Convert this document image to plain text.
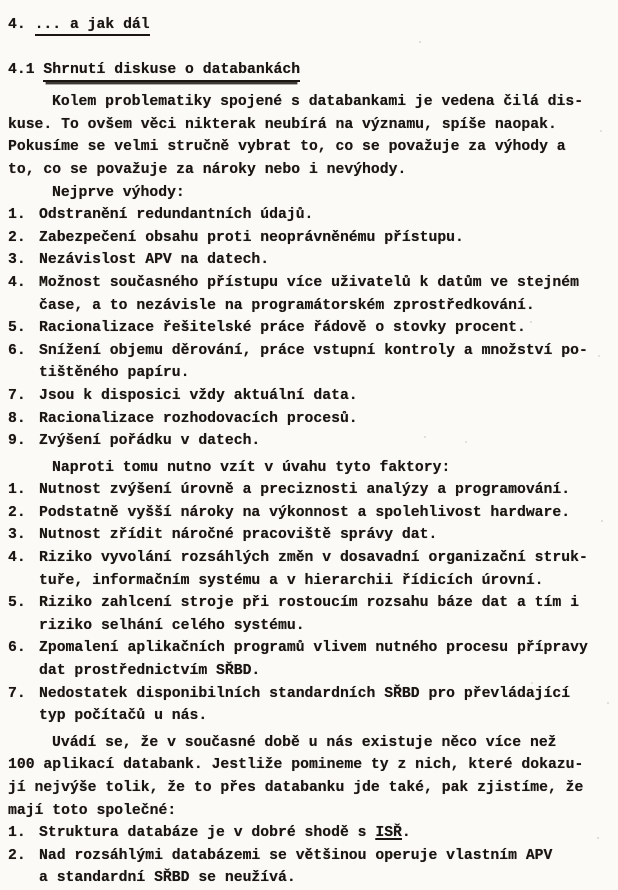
4. ... a jak dál
4.1 Shrnutí diskuse o databankách
Kolem problematiky spojené s databankami je vedena čilá dis-
kuse. To ovšem věci nikterak neubírá na významu, spíše naopak.
Pokusíme se velmi stručně vybrat to, co se považuje za výhody a
to, co se považuje za nároky nebo i nevýhody.
Nejprve výhody:
1. Odstranění redundantních údajů.
2. Zabezpečení obsahu proti neoprávněnému přístupu.
3. Nezávislost APV na datech.
4. Možnost současného přístupu více uživatelů k datům ve stejném
čase, a to nezávisle na programátorském zprostředkování.
5. Racionalizace řešitelské práce řádově o stovky procent.
6. Snížení objemu děrování, práce vstupní kontroly a množství po-
tištěného papíru.
7. Jsou k disposici vždy aktuální data.
8. Racionalizace rozhodovacích procesů.
9. Zvýšení pořádku v datech.
Naproti tomu nutno vzít v úvahu tyto faktory:
1. Nutnost zvýšení úrovně a preciznosti analýzy a programování.
2. Podstatně vyšší nároky na výkonnost a spolehlivost hardware.
3. Nutnost zřídit náročné pracoviště správy dat.
4. Riziko vyvolání rozsáhlých změn v dosavadní organizační struk-
tuře, informačním systému a v hierarchii řídicích úrovní.
5. Riziko zahlcení stroje při rostoucím rozsahu báze dat a tím i
riziko selhání celého systému.
6. Zpomalení aplikačních programů vlivem nutného procesu přípravy
dat prostřednictvím SŘBD.
7. Nedostatek disponibilních standardních SŘBD pro převládající
typ počítačů u nás.
Uvádí se, že v současné době u nás existuje něco více než
100 aplikací databank. Jestliže pomineme ty z nich, které dokazu-
jí nejvýše tolik, že to přes databanku jde také, pak zjistíme, že
mají toto společné:
1. Struktura databáze je v dobré shodě s ISŘ.
2. Nad rozsáhlými databázemi se většinou operuje vlastním APV
a standardní SŘBD se neužívá.
